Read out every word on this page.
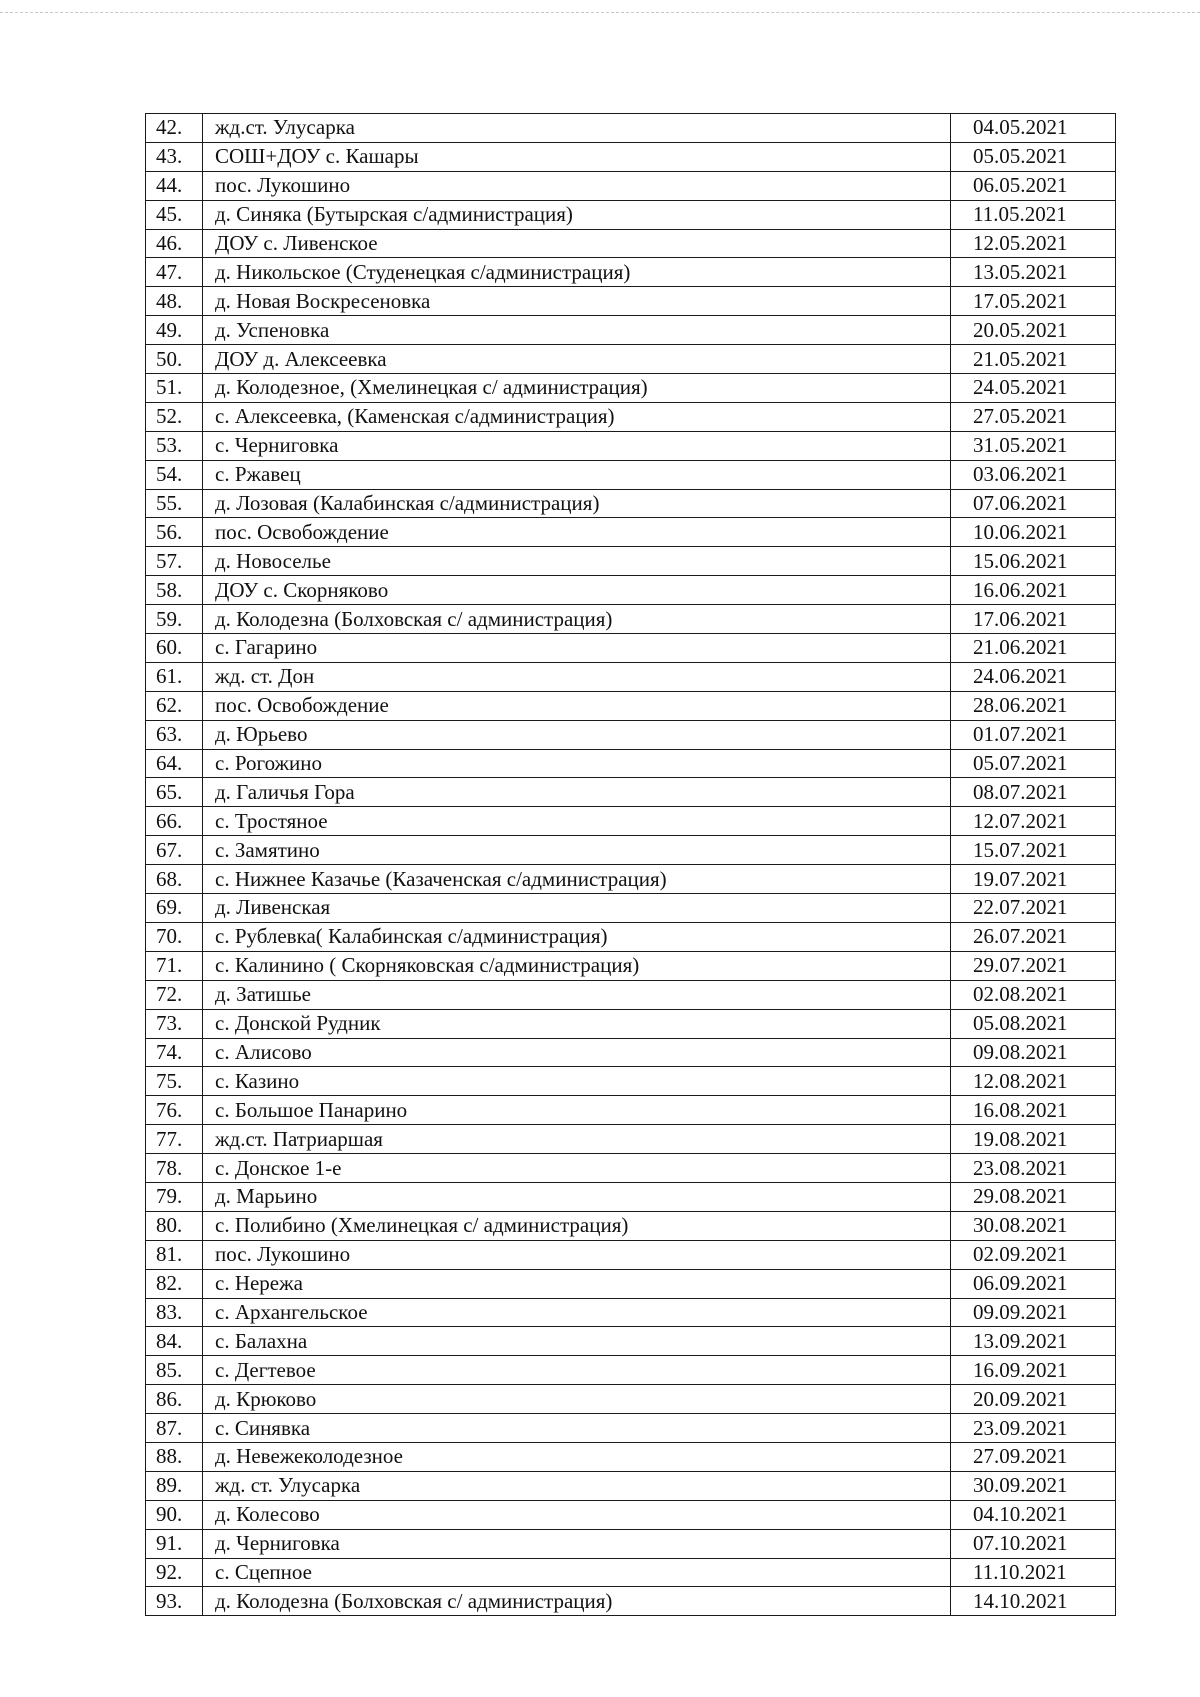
42.	жд.ст. Улусарка	04.05.2021
43.	СОШ+ДОУ с. Кашары	05.05.2021
44.	пос. Лукошино	06.05.2021
45.	д. Синяка (Бутырская с/администрация)	11.05.2021
46.	ДОУ с. Ливенское	12.05.2021
47.	д. Никольское (Студенецкая с/администрация)	13.05.2021
48.	д. Новая Воскресеновка	17.05.2021
49.	д. Успеновка	20.05.2021
50.	ДОУ д. Алексеевка	21.05.2021
51.	д. Колодезное, (Хмелинецкая с/ администрация)	24.05.2021
52.	с. Алексеевка, (Каменская с/администрация)	27.05.2021
53.	с. Черниговка	31.05.2021
54.	с. Ржавец	03.06.2021
55.	д. Лозовая (Калабинская с/администрация)	07.06.2021
56.	пос. Освобождение	10.06.2021
57.	д. Новоселье	15.06.2021
58.	ДОУ с. Скорняково	16.06.2021
59.	д. Колодезна (Болховская с/ администрация)	17.06.2021
60.	с. Гагарино	21.06.2021
61.	жд. ст. Дон	24.06.2021
62.	пос. Освобождение	28.06.2021
63.	д. Юрьево	01.07.2021
64.	с. Рогожино	05.07.2021
65.	д. Галичья Гора	08.07.2021
66.	с. Тростяное	12.07.2021
67.	с. Замятино	15.07.2021
68.	с. Нижнее Казачье (Казаченская с/администрация)	19.07.2021
69.	д. Ливенская	22.07.2021
70.	с. Рублевка( Калабинская с/администрация)	26.07.2021
71.	с. Калинино ( Скорняковская с/администрация)	29.07.2021
72.	д. Затишье	02.08.2021
73.	с. Донской Рудник	05.08.2021
74.	с. Алисово	09.08.2021
75.	с. Казино	12.08.2021
76.	с. Большое Панарино	16.08.2021
77.	жд.ст. Патриаршая	19.08.2021
78.	с. Донское 1-е	23.08.2021
79.	д. Марьино	29.08.2021
80.	с. Полибино (Хмелинецкая с/ администрация)	30.08.2021
81.	пос. Лукошино	02.09.2021
82.	с. Нережа	06.09.2021
83.	с. Архангельское	09.09.2021
84.	с. Балахна	13.09.2021
85.	с. Дегтевое	16.09.2021
86.	д. Крюково	20.09.2021
87.	с. Синявка	23.09.2021
88.	д. Невежеколодезное	27.09.2021
89.	жд. ст. Улусарка	30.09.2021
90.	д. Колесово	04.10.2021
91.	д. Черниговка	07.10.2021
92.	с. Сцепное	11.10.2021
93.	д. Колодезна (Болховская с/ администрация)	14.10.2021
